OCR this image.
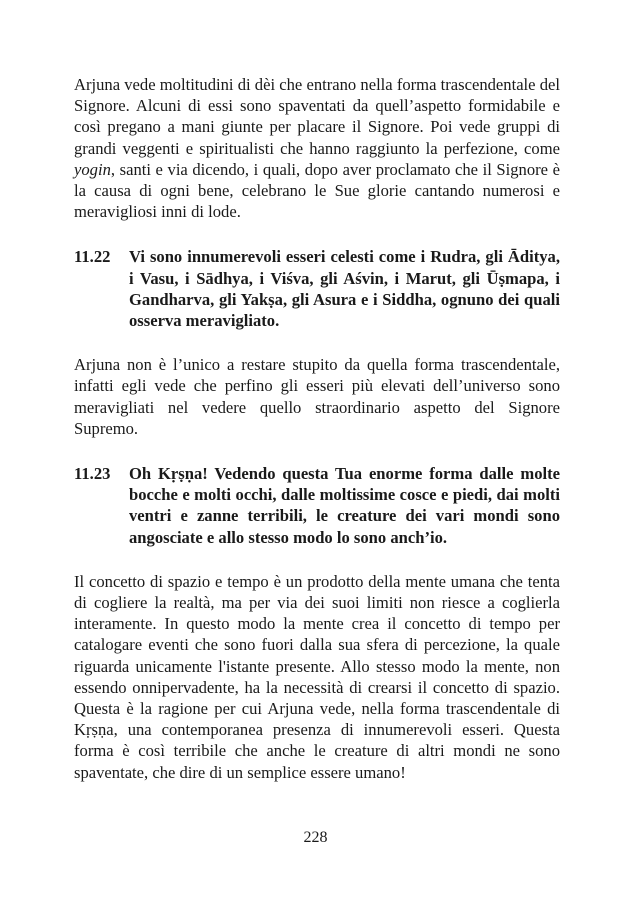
Arjuna vede moltitudini di dèi che entrano nella forma trascendentale del Signore. Alcuni di essi sono spaventati da quell’aspetto formidabile e così pregano a mani giunte per placare il Signore. Poi vede gruppi di grandi veggenti e spiritualisti che hanno raggiunto la perfezione, come yogin, santi e via dicendo, i quali, dopo aver proclamato che il Signore è la causa di ogni bene, celebrano le Sue glorie cantando numerosi e meravigliosi inni di lode.

11.22	Vi sono innumerevoli esseri celesti come i Rudra, gli Āditya, i Vasu, i Sādhya, i Viśva, gli Aśvin, i Marut, gli Ūṣmapa, i Gandharva, gli Yakṣa, gli Asura e i Siddha, ognuno dei quali osserva meravigliato.

Arjuna non è l’unico a restare stupito da quella forma trascendentale, infatti egli vede che perfino gli esseri più elevati dell’universo sono meravigliati nel vedere quello straordinario aspetto del Signore Supremo.

11.23	Oh Kṛṣṇa! Vedendo questa Tua enorme forma dalle molte bocche e molti occhi, dalle moltissime cosce e piedi, dai molti ventri e zanne terribili, le creature dei vari mondi sono angosciate e allo stesso modo lo sono anch’io.

Il concetto di spazio e tempo è un prodotto della mente umana che tenta di cogliere la realtà, ma per via dei suoi limiti non riesce a coglierla interamente. In questo modo la mente crea il concetto di tempo per catalogare eventi che sono fuori dalla sua sfera di percezione, la quale riguarda unicamente l'istante presente. Allo stesso modo la mente, non essendo onnipervadente, ha la necessità di crearsi il concetto di spazio. Questa è la ragione per cui Arjuna vede, nella forma trascendentale di Kṛṣṇa, una contemporanea presenza di innumerevoli esseri. Questa forma è così terribile che anche le creature di altri mondi ne sono spaventate, che dire di un semplice essere umano!

228
